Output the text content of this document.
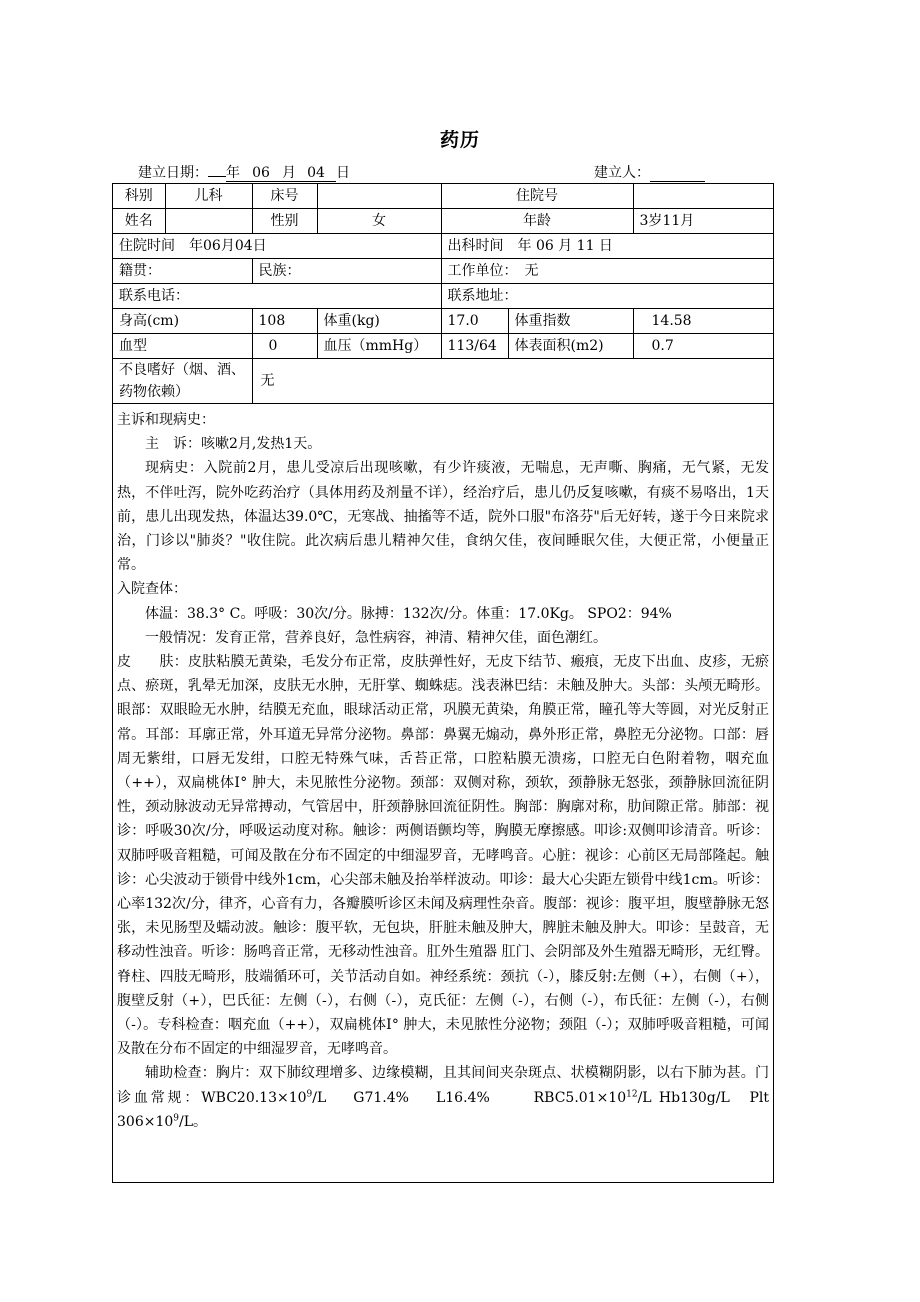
药历
建立日期： 年 06 月 04 日	建立人：
科别	儿科	床号		住院号		
姓名		性别	女	年龄		3岁11月
住院时间　 年06月04日				出科时间　 年 06 月 11 日		
籍贯：		民族：		工作单位：　 无		
联系电话：				联系地址：		
身高(cm)		108	体重(kg)	17.0	体重指数	14.58
血型		0	血压（mmHg）	113/64	体表面积(m2)	0.7
不良嗜好（烟、酒、药物依赖）		无				

主诉和现病史：

主　诉：咳嗽2月,发热1天。

现病史：入院前2月，患儿受凉后出现咳嗽，有少许痰液，无喘息，无声嘶、胸痛，无气紧，无发热，不伴吐泻，院外吃药治疗（具体用药及剂量不详），经治疗后，患儿仍反复咳嗽，有痰不易咯出，1天前，患儿出现发热，体温达39.0℃，无寒战、抽搐等不适，院外口服"布洛芬"后无好转，遂于今日来院求治，门诊以"肺炎？"收住院。此次病后患儿精神欠佳，食纳欠佳，夜间睡眠欠佳，大便正常，小便量正常。

入院查体：

体温：38.3° C。呼吸：30次/分。脉搏：132次/分。体重：17.0Kg。 SPO2：94%

一般情况：发育正常，营养良好，急性病容，神清、精神欠佳，面色潮红。

皮　　肤：皮肤粘膜无黄染，毛发分布正常，皮肤弹性好，无皮下结节、瘢痕，无皮下出血、皮疹，无瘀点、瘀斑，乳晕无加深，皮肤无水肿，无肝掌、蜘蛛痣。浅表淋巴结：未触及肿大。头部：头颅无畸形。眼部：双眼睑无水肿，结膜无充血，眼球活动正常，巩膜无黄染，角膜正常，瞳孔等大等圆，对光反射正常。耳部：耳廓正常，外耳道无异常分泌物。鼻部：鼻翼无煽动，鼻外形正常，鼻腔无分泌物。口部：唇周无紫绀，口唇无发绀，口腔无特殊气味，舌苔正常，口腔粘膜无溃疡，口腔无白色附着物，咽充血（++），双扁桃体Ⅰ° 肿大，未见脓性分泌物。颈部：双侧对称，颈软，颈静脉无怒张，颈静脉回流征阴性，颈动脉波动无异常搏动，气管居中，肝颈静脉回流征阴性。胸部：胸廓对称，肋间隙正常。肺部：视诊：呼吸30次/分，呼吸运动度对称。触诊：两侧语颤均等，胸膜无摩擦感。叩诊:双侧叩诊清音。听诊：双肺呼吸音粗糙，可闻及散在分布不固定的中细湿罗音，无哮鸣音。心脏：视诊：心前区无局部隆起。触诊：心尖波动于锁骨中线外1cm，心尖部未触及抬举样波动。叩诊：最大心尖距左锁骨中线1cm。听诊：心率132次/分，律齐，心音有力，各瓣膜听诊区未闻及病理性杂音。腹部：视诊：腹平坦，腹壁静脉无怒张，未见肠型及蠕动波。触诊：腹平软，无包块，肝脏未触及肿大，脾脏未触及肿大。叩诊：呈鼓音，无移动性浊音。听诊：肠鸣音正常，无移动性浊音。肛外生殖器 肛门、会阴部及外生殖器无畸形，无红臀。脊柱、四肢无畸形，肢端循环可，关节活动自如。神经系统：颈抗（-），膝反射:左侧（+），右侧（+），腹壁反射（+），巴氏征：左侧（-），右侧（-），克氏征：左侧（-），右侧（-），布氏征：左侧（-），右侧（-）。专科检查：咽充血（++），双扁桃体Ⅰ° 肿大，未见脓性分泌物；颈阻（-）；双肺呼吸音粗糙，可闻及散在分布不固定的中细湿罗音，无哮鸣音。

辅助检查：胸片：双下肺纹理增多、边缘模糊，且其间间夹杂斑点、状模糊阴影，以右下肺为甚。门诊血常规：$WBC20.13\times 10^9/L$　 G71.4%　 L16.4%　　 $RBC5.01\times 10^{12}/L$ Hb130g/L　Plt $306\times 10^9/L$。
